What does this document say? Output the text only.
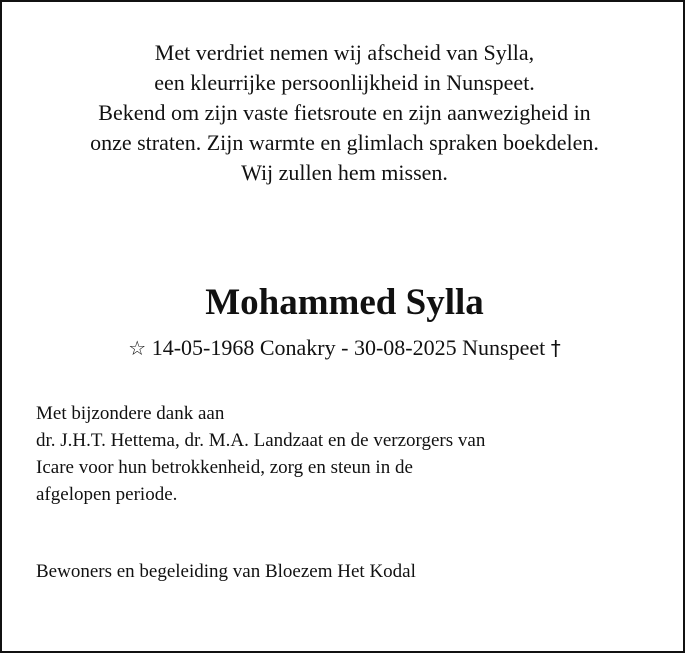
Met verdriet nemen wij afscheid van Sylla,
een kleurrijke persoonlijkheid in Nunspeet.
Bekend om zijn vaste fietsroute en zijn aanwezigheid in
onze straten. Zijn warmte en glimlach spraken boekdelen.
Wij zullen hem missen.
Mohammed Sylla
☆ 14-05-1968 Conakry - 30-08-2025 Nunspeet †
Met bijzondere dank aan
dr. J.H.T. Hettema, dr. M.A. Landzaat en de verzorgers van
Icare voor hun betrokkenheid, zorg en steun in de
afgelopen periode.
Bewoners en begeleiding van Bloezem Het Kodal
